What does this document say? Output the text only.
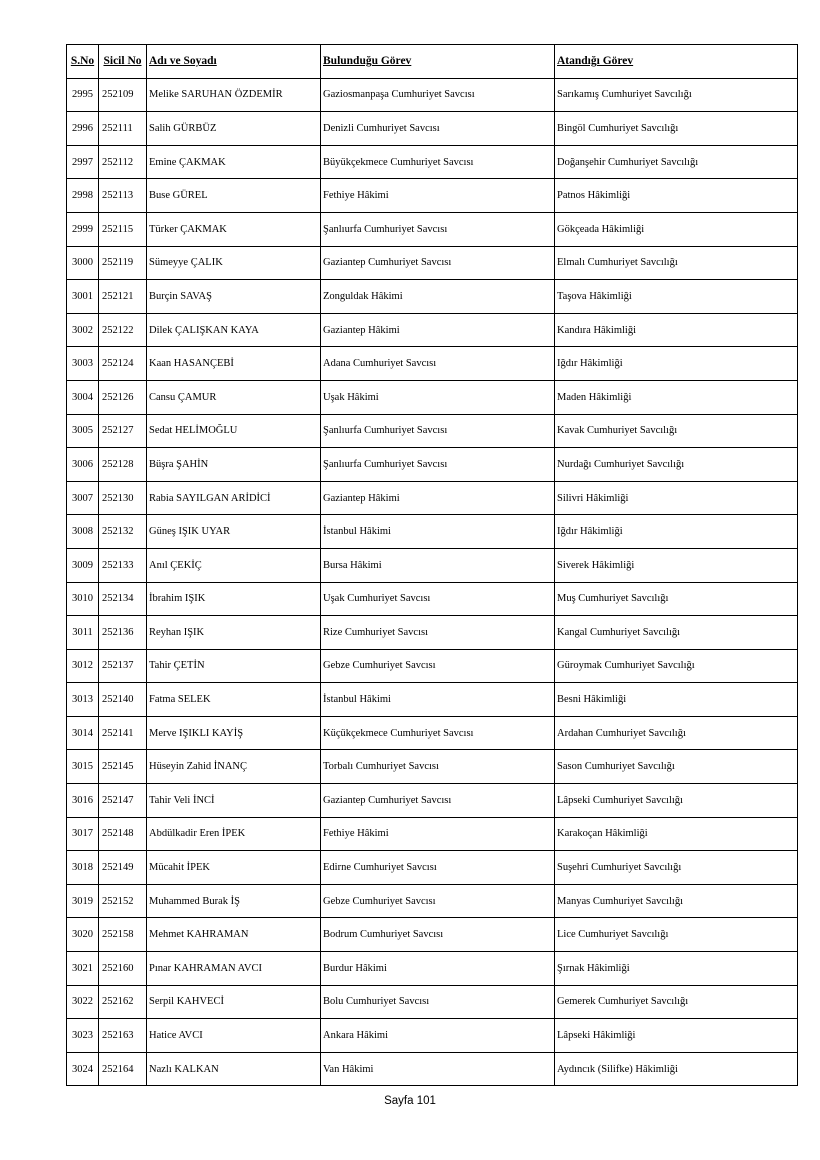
S.No	Sicil No	Adı ve Soyadı	Bulunduğu Görev	Atandığı Görev
2995	252109	Melike SARUHAN ÖZDEMİR	Gaziosmanpaşa Cumhuriyet Savcısı	Sarıkamış Cumhuriyet Savcılığı
2996	252111	Salih GÜRBÜZ	Denizli Cumhuriyet Savcısı	Bingöl Cumhuriyet Savcılığı
2997	252112	Emine ÇAKMAK	Büyükçekmece Cumhuriyet Savcısı	Doğanşehir Cumhuriyet Savcılığı
2998	252113	Buse GÜREL	Fethiye Hâkimi	Patnos Hâkimliği
2999	252115	Türker ÇAKMAK	Şanlıurfa Cumhuriyet Savcısı	Gökçeada Hâkimliği
3000	252119	Sümeyye ÇALIK	Gaziantep Cumhuriyet Savcısı	Elmalı Cumhuriyet Savcılığı
3001	252121	Burçin SAVAŞ	Zonguldak Hâkimi	Taşova Hâkimliği
3002	252122	Dilek ÇALIŞKAN KAYA	Gaziantep Hâkimi	Kandıra Hâkimliği
3003	252124	Kaan HASANÇEBİ	Adana Cumhuriyet Savcısı	Iğdır Hâkimliği
3004	252126	Cansu ÇAMUR	Uşak Hâkimi	Maden Hâkimliği
3005	252127	Sedat HELİMOĞLU	Şanlıurfa Cumhuriyet Savcısı	Kavak Cumhuriyet Savcılığı
3006	252128	Büşra ŞAHİN	Şanlıurfa Cumhuriyet Savcısı	Nurdağı Cumhuriyet Savcılığı
3007	252130	Rabia SAYILGAN ARİDİCİ	Gaziantep Hâkimi	Silivri Hâkimliği
3008	252132	Güneş IŞIK UYAR	İstanbul Hâkimi	Iğdır Hâkimliği
3009	252133	Anıl ÇEKİÇ	Bursa Hâkimi	Siverek Hâkimliği
3010	252134	İbrahim IŞIK	Uşak Cumhuriyet Savcısı	Muş Cumhuriyet Savcılığı
3011	252136	Reyhan IŞIK	Rize Cumhuriyet Savcısı	Kangal Cumhuriyet Savcılığı
3012	252137	Tahir ÇETİN	Gebze Cumhuriyet Savcısı	Güroymak Cumhuriyet Savcılığı
3013	252140	Fatma SELEK	İstanbul Hâkimi	Besni Hâkimliği
3014	252141	Merve IŞIKLI KAYİŞ	Küçükçekmece Cumhuriyet Savcısı	Ardahan Cumhuriyet Savcılığı
3015	252145	Hüseyin Zahid İNANÇ	Torbalı Cumhuriyet Savcısı	Sason Cumhuriyet Savcılığı
3016	252147	Tahir Veli İNCİ	Gaziantep Cumhuriyet Savcısı	Lâpseki Cumhuriyet Savcılığı
3017	252148	Abdülkadir Eren İPEK	Fethiye Hâkimi	Karakoçan Hâkimliği
3018	252149	Mücahit İPEK	Edirne Cumhuriyet Savcısı	Suşehri Cumhuriyet Savcılığı
3019	252152	Muhammed Burak İŞ	Gebze Cumhuriyet Savcısı	Manyas Cumhuriyet Savcılığı
3020	252158	Mehmet KAHRAMAN	Bodrum Cumhuriyet Savcısı	Lice Cumhuriyet Savcılığı
3021	252160	Pınar KAHRAMAN AVCI	Burdur Hâkimi	Şırnak Hâkimliği
3022	252162	Serpil KAHVECİ	Bolu Cumhuriyet Savcısı	Gemerek Cumhuriyet Savcılığı
3023	252163	Hatice AVCI	Ankara Hâkimi	Lâpseki Hâkimliği
3024	252164	Nazlı KALKAN	Van Hâkimi	Aydıncık (Silifke) Hâkimliği
Sayfa 101
